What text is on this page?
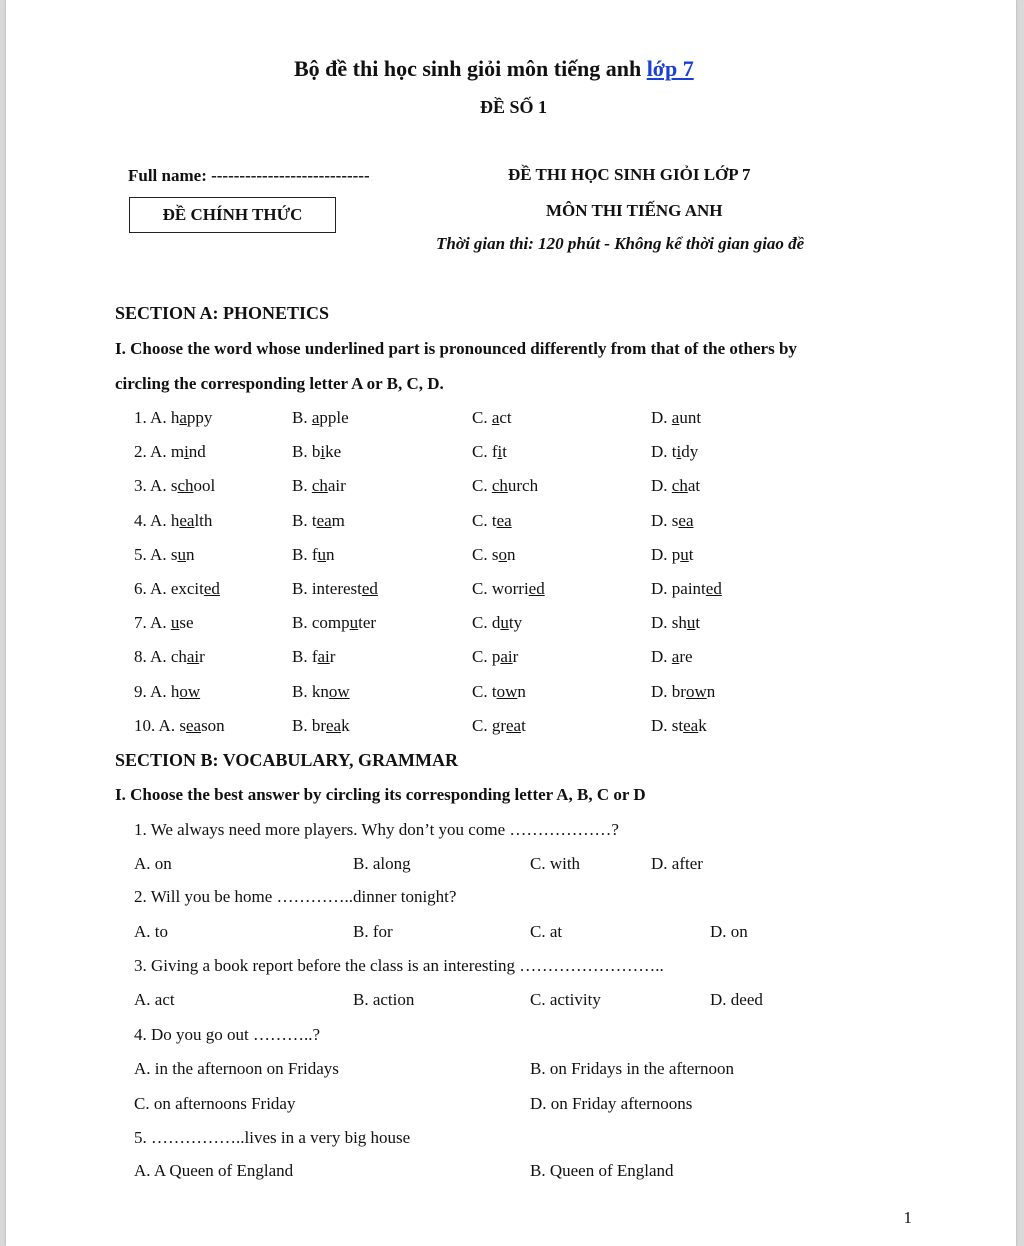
Bộ đề thi học sinh giỏi môn tiếng anh lớp 7
ĐỀ SỐ 1
Full name: ----------------------------
ĐỀ CHÍNH THỨC
ĐỀ THI HỌC SINH GIỎI LỚP 7
MÔN THI TIẾNG ANH
Thời gian thi: 120 phút - Không kể thời gian giao đề
SECTION A: PHONETICS
I. Choose the word whose underlined part is pronounced differently from that of the others by
circling the corresponding letter A or B, C, D.
1. A. happy	B. apple	C. act	D. aunt
2. A. mind	B. bike	C. fit	D. tidy
3. A. school	B. chair	C. church	D. chat
4. A. health	B. team	C. tea	D. sea
5. A. sun	B. fun	C. son	D. put
6. A. excited	B. interested	C. worried	D. painted
7. A. use	B. computer	C. duty	D. shut
8. A. chair	B. fair	C. pair	D. are
9. A. how	B. know	C. town	D. brown
10. A. season	B. break	C. great	D. steak
SECTION B: VOCABULARY, GRAMMAR
I. Choose the best answer by circling its corresponding letter A, B, C or D
1. We always need more players. Why don’t you come ………………?
A. on	B. along	C. with	D. after
2. Will you be home …………..dinner tonight?
A. to	B. for	C. at	D. on
3. Giving a book report before the class is an interesting ……………………..
A. act	B. action	C. activity	D. deed
4. Do you go out ………..?
A. in the afternoon on Fridays	B. on Fridays in the afternoon
C. on afternoons Friday	D. on Friday afternoons
5. ……………..lives in a very big house
A. A Queen of England	B. Queen of England
1
